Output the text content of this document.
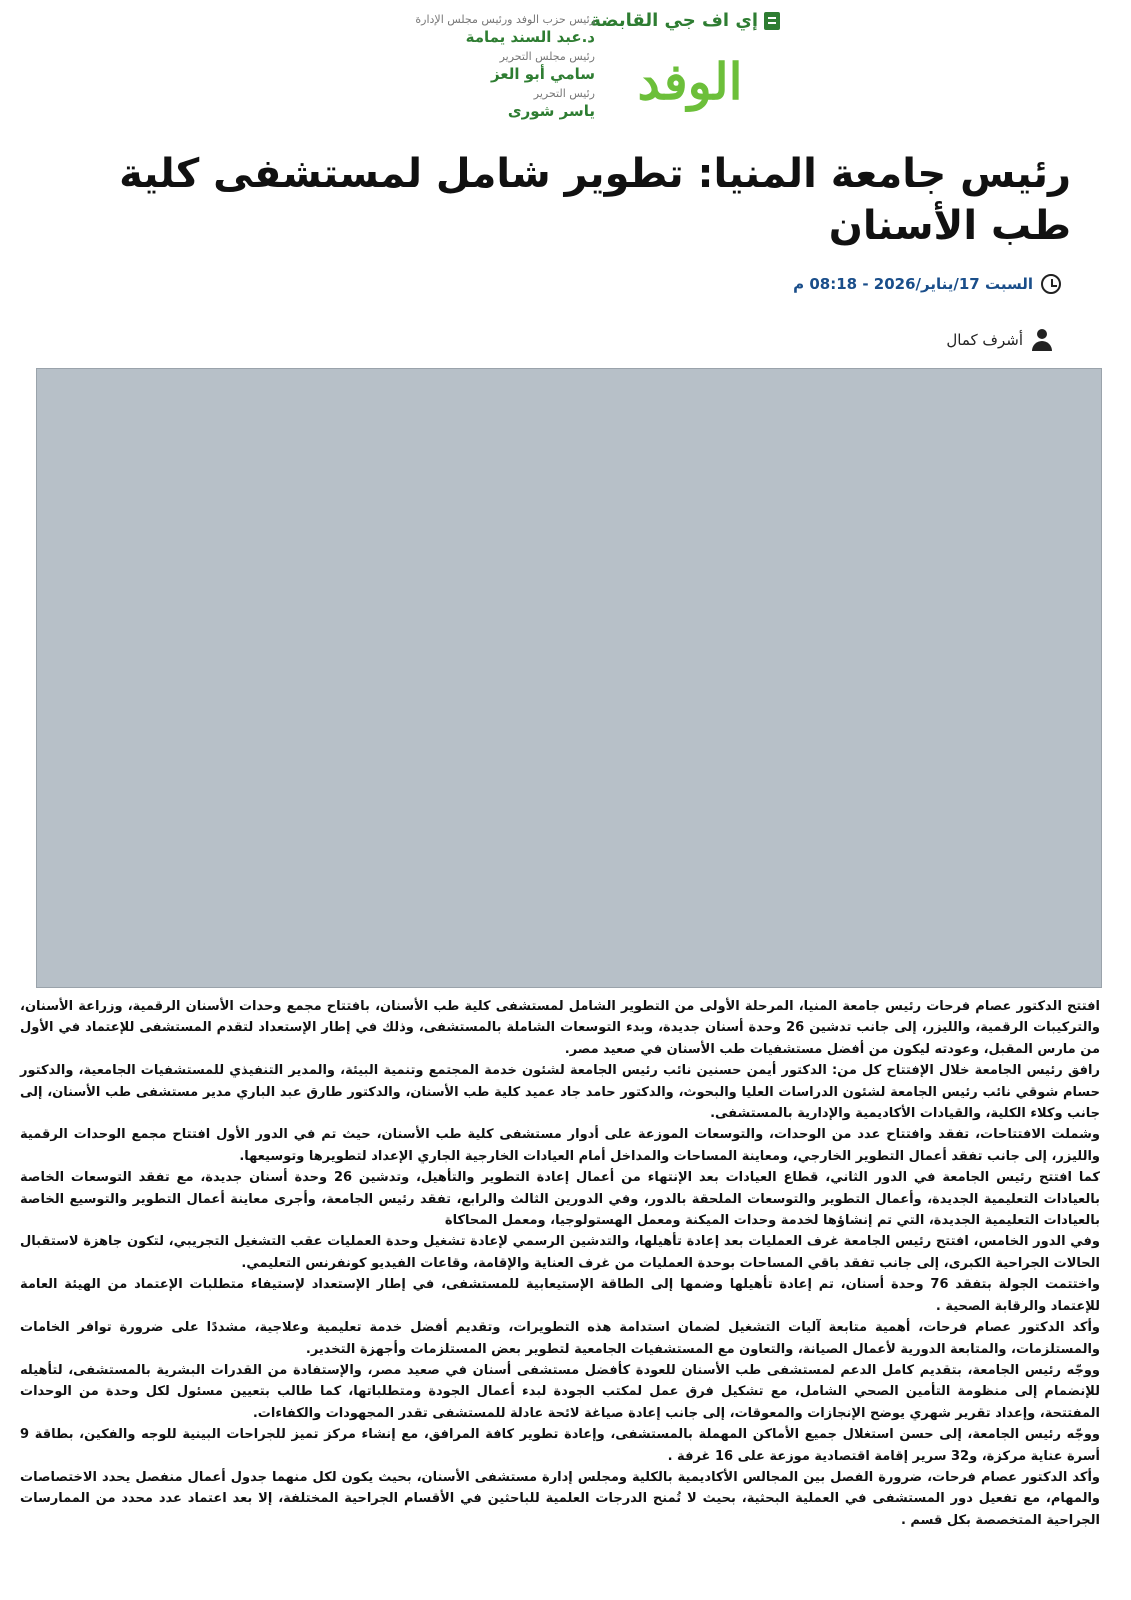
إي اف جي القابضة
الوفد
رئيس حزب الوفد ورئيس مجلس الإدارة
د.عبد السند يمامة
رئيس مجلس التحرير
سامي أبو العز
رئيس التحرير
ياسر شورى
رئيس جامعة المنيا: تطوير شامل لمستشفى كلية طب الأسنان
السبت 17/يناير/2026 - 08:18 م
أشرف كمال

افتتح الدكتور عصام فرحات رئيس جامعة المنيا، المرحلة الأولى من التطوير الشامل لمستشفى كلية طب الأسنان، بافتتاح مجمع وحدات الأسنان الرقمية، وزراعة الأسنان، والتركيبات الرقمية، والليزر، إلى جانب تدشين 26 وحدة أسنان جديدة، وبدء التوسعات الشاملة بالمستشفى، وذلك في إطار الإستعداد لتقدم المستشفى للإعتماد في الأول من مارس المقبل، وعودته ليكون من أفضل مستشفيات طب الأسنان في صعيد مصر.

رافق رئيس الجامعة خلال الإفتتاح كل من: الدكتور أيمن حسنين نائب رئيس الجامعة لشئون خدمة المجتمع وتنمية البيئة، والمدير التنفيذي للمستشفيات الجامعية، والدكتور حسام شوقي نائب رئيس الجامعة لشئون الدراسات العليا والبحوث، والدكتور حامد جاد عميد كلية طب الأسنان، والدكتور طارق عبد الباري مدير مستشفى طب الأسنان، إلى جانب وكلاء الكلية، والقيادات الأكاديمية والإدارية بالمستشفى.

وشملت الافتتاحات، تفقد وافتتاح عدد من الوحدات، والتوسعات الموزعة على أدوار مستشفى كلية طب الأسنان، حيث تم في الدور الأول افتتاح مجمع الوحدات الرقمية والليزر، إلى جانب تفقد أعمال التطوير الخارجي، ومعاينة المساحات والمداخل أمام العيادات الخارجية الجاري الإعداد لتطويرها وتوسيعها.

كما افتتح رئيس الجامعة في الدور الثاني، قطاع العيادات بعد الإنتهاء من أعمال إعادة التطوير والتأهيل، وتدشين 26 وحدة أسنان جديدة، مع تفقد التوسعات الخاصة بالعيادات التعليمية الجديدة، وأعمال التطوير والتوسعات الملحقة بالدور، وفي الدورين الثالث والرابع، تفقد رئيس الجامعة، وأجرى معاينة أعمال التطوير والتوسيع الخاصة بالعيادات التعليمية الجديدة، التي تم إنشاؤها لخدمة وحدات الميكنة ومعمل الهستولوجيا، ومعمل المحاكاة

وفي الدور الخامس، افتتح رئيس الجامعة غرف العمليات بعد إعادة تأهيلها، والتدشين الرسمي لإعادة تشغيل وحدة العمليات عقب التشغيل التجريبي، لتكون جاهزة لاستقبال الحالات الجراحية الكبرى، إلى جانب تفقد باقي المساحات بوحدة العمليات من غرف العناية والإقامة، وقاعات الفيديو كونفرنس التعليمي.

واختتمت الجولة بتفقد 76 وحدة أسنان، تم إعادة تأهيلها وضمها إلى الطاقة الإستيعابية للمستشفى، في إطار الإستعداد لإستيفاء متطلبات الإعتماد من الهيئة العامة للإعتماد والرقابة الصحية .

وأكد الدكتور عصام فرحات، أهمية متابعة آليات التشغيل لضمان استدامة هذه التطويرات، وتقديم أفضل خدمة تعليمية وعلاجية، مشددًا على ضرورة توافر الخامات والمستلزمات، والمتابعة الدورية لأعمال الصيانة، والتعاون مع المستشفيات الجامعية لتطوير بعض المستلزمات وأجهزة التخدير.

ووجّه رئيس الجامعة، بتقديم كامل الدعم لمستشفى طب الأسنان للعودة كأفضل مستشفى أسنان في صعيد مصر، والإستفادة من القدرات البشرية بالمستشفى، لتأهيله للإنضمام إلى منظومة التأمين الصحي الشامل، مع تشكيل فرق عمل لمكتب الجودة لبدء أعمال الجودة ومتطلباتها، كما طالب بتعيين مسئول لكل وحدة من الوحدات المفتتحة، وإعداد تقرير شهري يوضح الإنجازات والمعوقات، إلى جانب إعادة صياغة لائحة عادلة للمستشفى تقدر المجهودات والكفاءات.

ووجّه رئيس الجامعة، إلى حسن استغلال جميع الأماكن المهملة بالمستشفى، وإعادة تطوير كافة المرافق، مع إنشاء مركز تميز للجراحات البينية للوجه والفكين، بطاقة 9 أسرة عناية مركزة، و32 سرير إقامة اقتصادية موزعة على 16 غرفة .

وأكد الدكتور عصام فرحات، ضرورة الفصل بين المجالس الأكاديمية بالكلية ومجلس إدارة مستشفى الأسنان، بحيث يكون لكل منهما جدول أعمال منفصل يحدد الاختصاصات والمهام، مع تفعيل دور المستشفى في العملية البحثية، بحيث لا تُمنح الدرجات العلمية للباحثين في الأقسام الجراحية المختلفة، إلا بعد اعتماد عدد محدد من الممارسات الجراحية المتخصصة بكل قسم .
